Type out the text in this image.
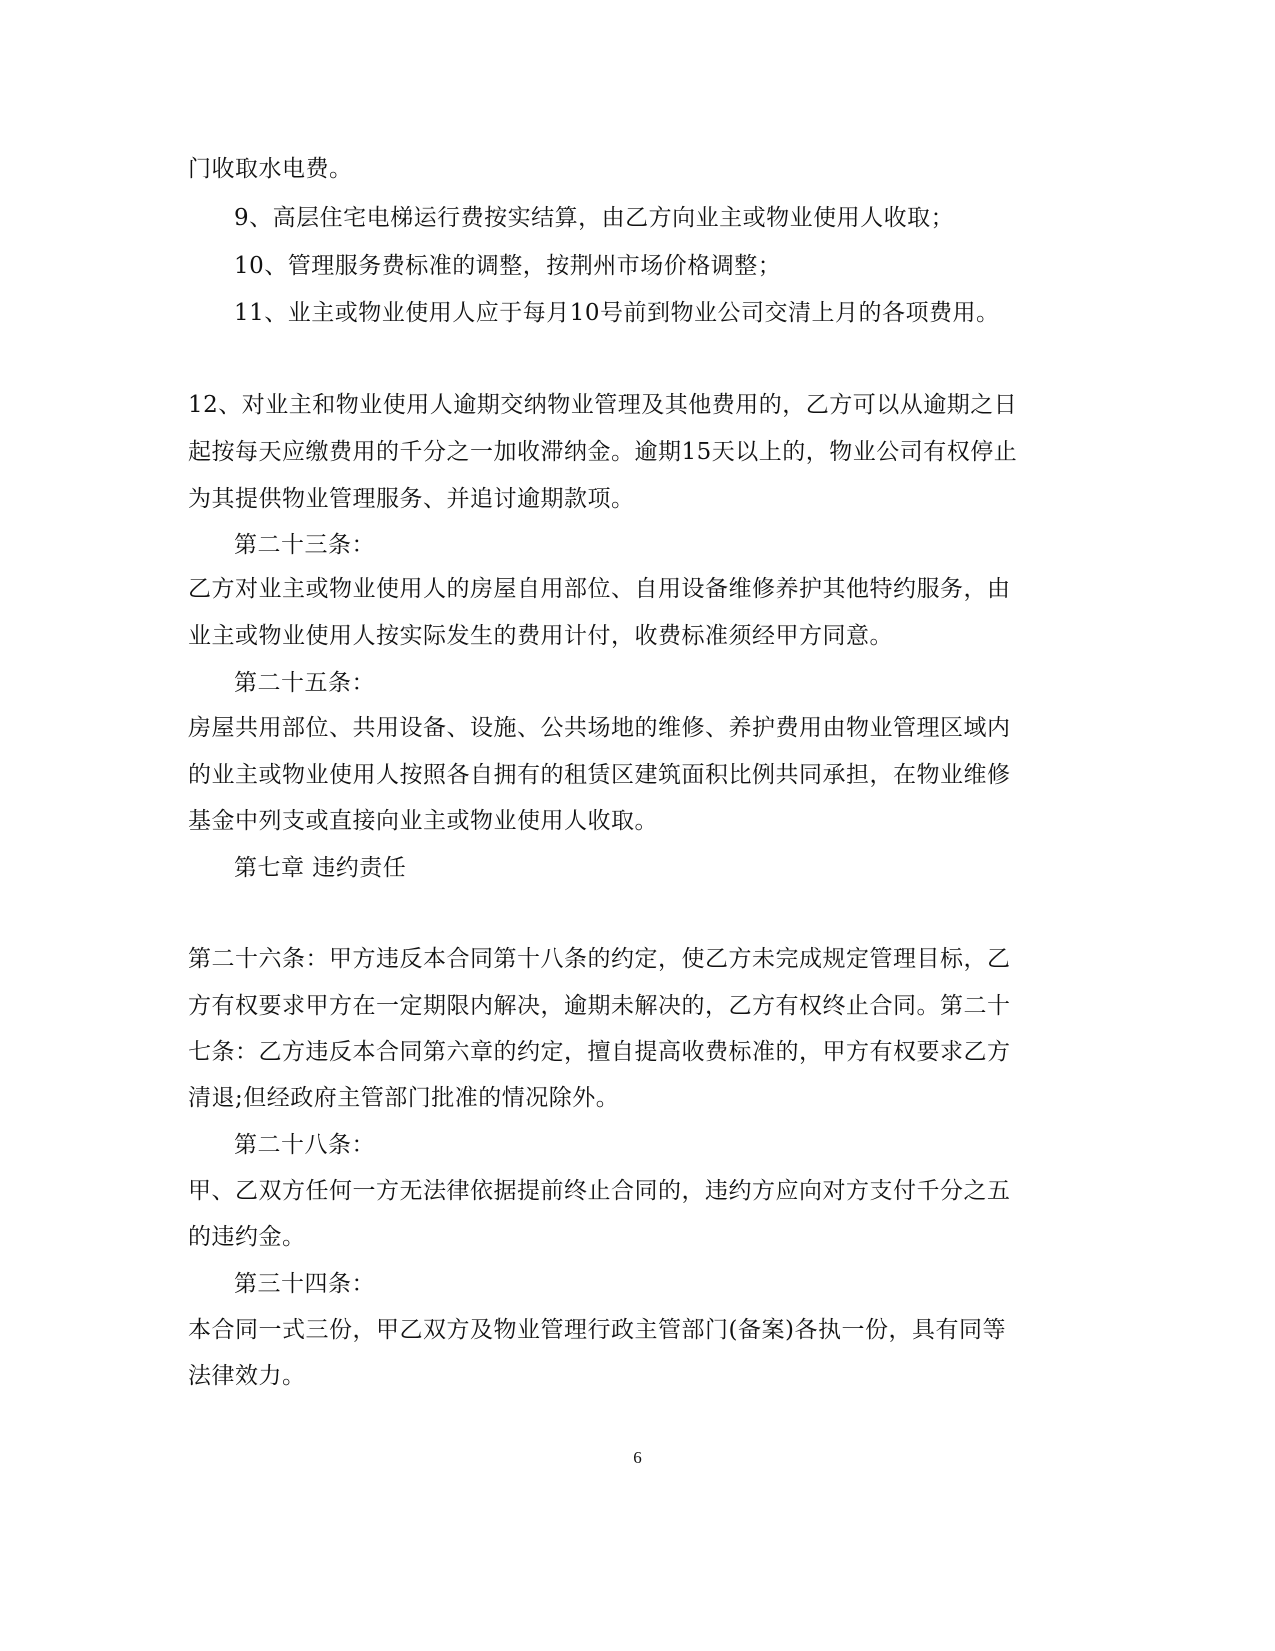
门收取水电费。
9、高层住宅电梯运行费按实结算，由乙方向业主或物业使用人收取；
10、管理服务费标准的调整，按荆州市场价格调整；
11、业主或物业使用人应于每月10号前到物业公司交清上月的各项费用。
12、对业主和物业使用人逾期交纳物业管理及其他费用的，乙方可以从逾期之日
起按每天应缴费用的千分之一加收滞纳金。逾期15天以上的，物业公司有权停止
为其提供物业管理服务、并追讨逾期款项。
第二十三条：
乙方对业主或物业使用人的房屋自用部位、自用设备维修养护其他特约服务，由
业主或物业使用人按实际发生的费用计付，收费标准须经甲方同意。
第二十五条：
房屋共用部位、共用设备、设施、公共场地的维修、养护费用由物业管理区域内
的业主或物业使用人按照各自拥有的租赁区建筑面积比例共同承担，在物业维修
基金中列支或直接向业主或物业使用人收取。
第七章 违约责任
第二十六条：甲方违反本合同第十八条的约定，使乙方未完成规定管理目标，乙
方有权要求甲方在一定期限内解决，逾期未解决的，乙方有权终止合同。第二十
七条：乙方违反本合同第六章的约定，擅自提高收费标准的，甲方有权要求乙方
清退;但经政府主管部门批准的情况除外。
第二十八条：
甲、乙双方任何一方无法律依据提前终止合同的，违约方应向对方支付千分之五
的违约金。
第三十四条：
本合同一式三份，甲乙双方及物业管理行政主管部门(备案)各执一份，具有同等
法律效力。
6
